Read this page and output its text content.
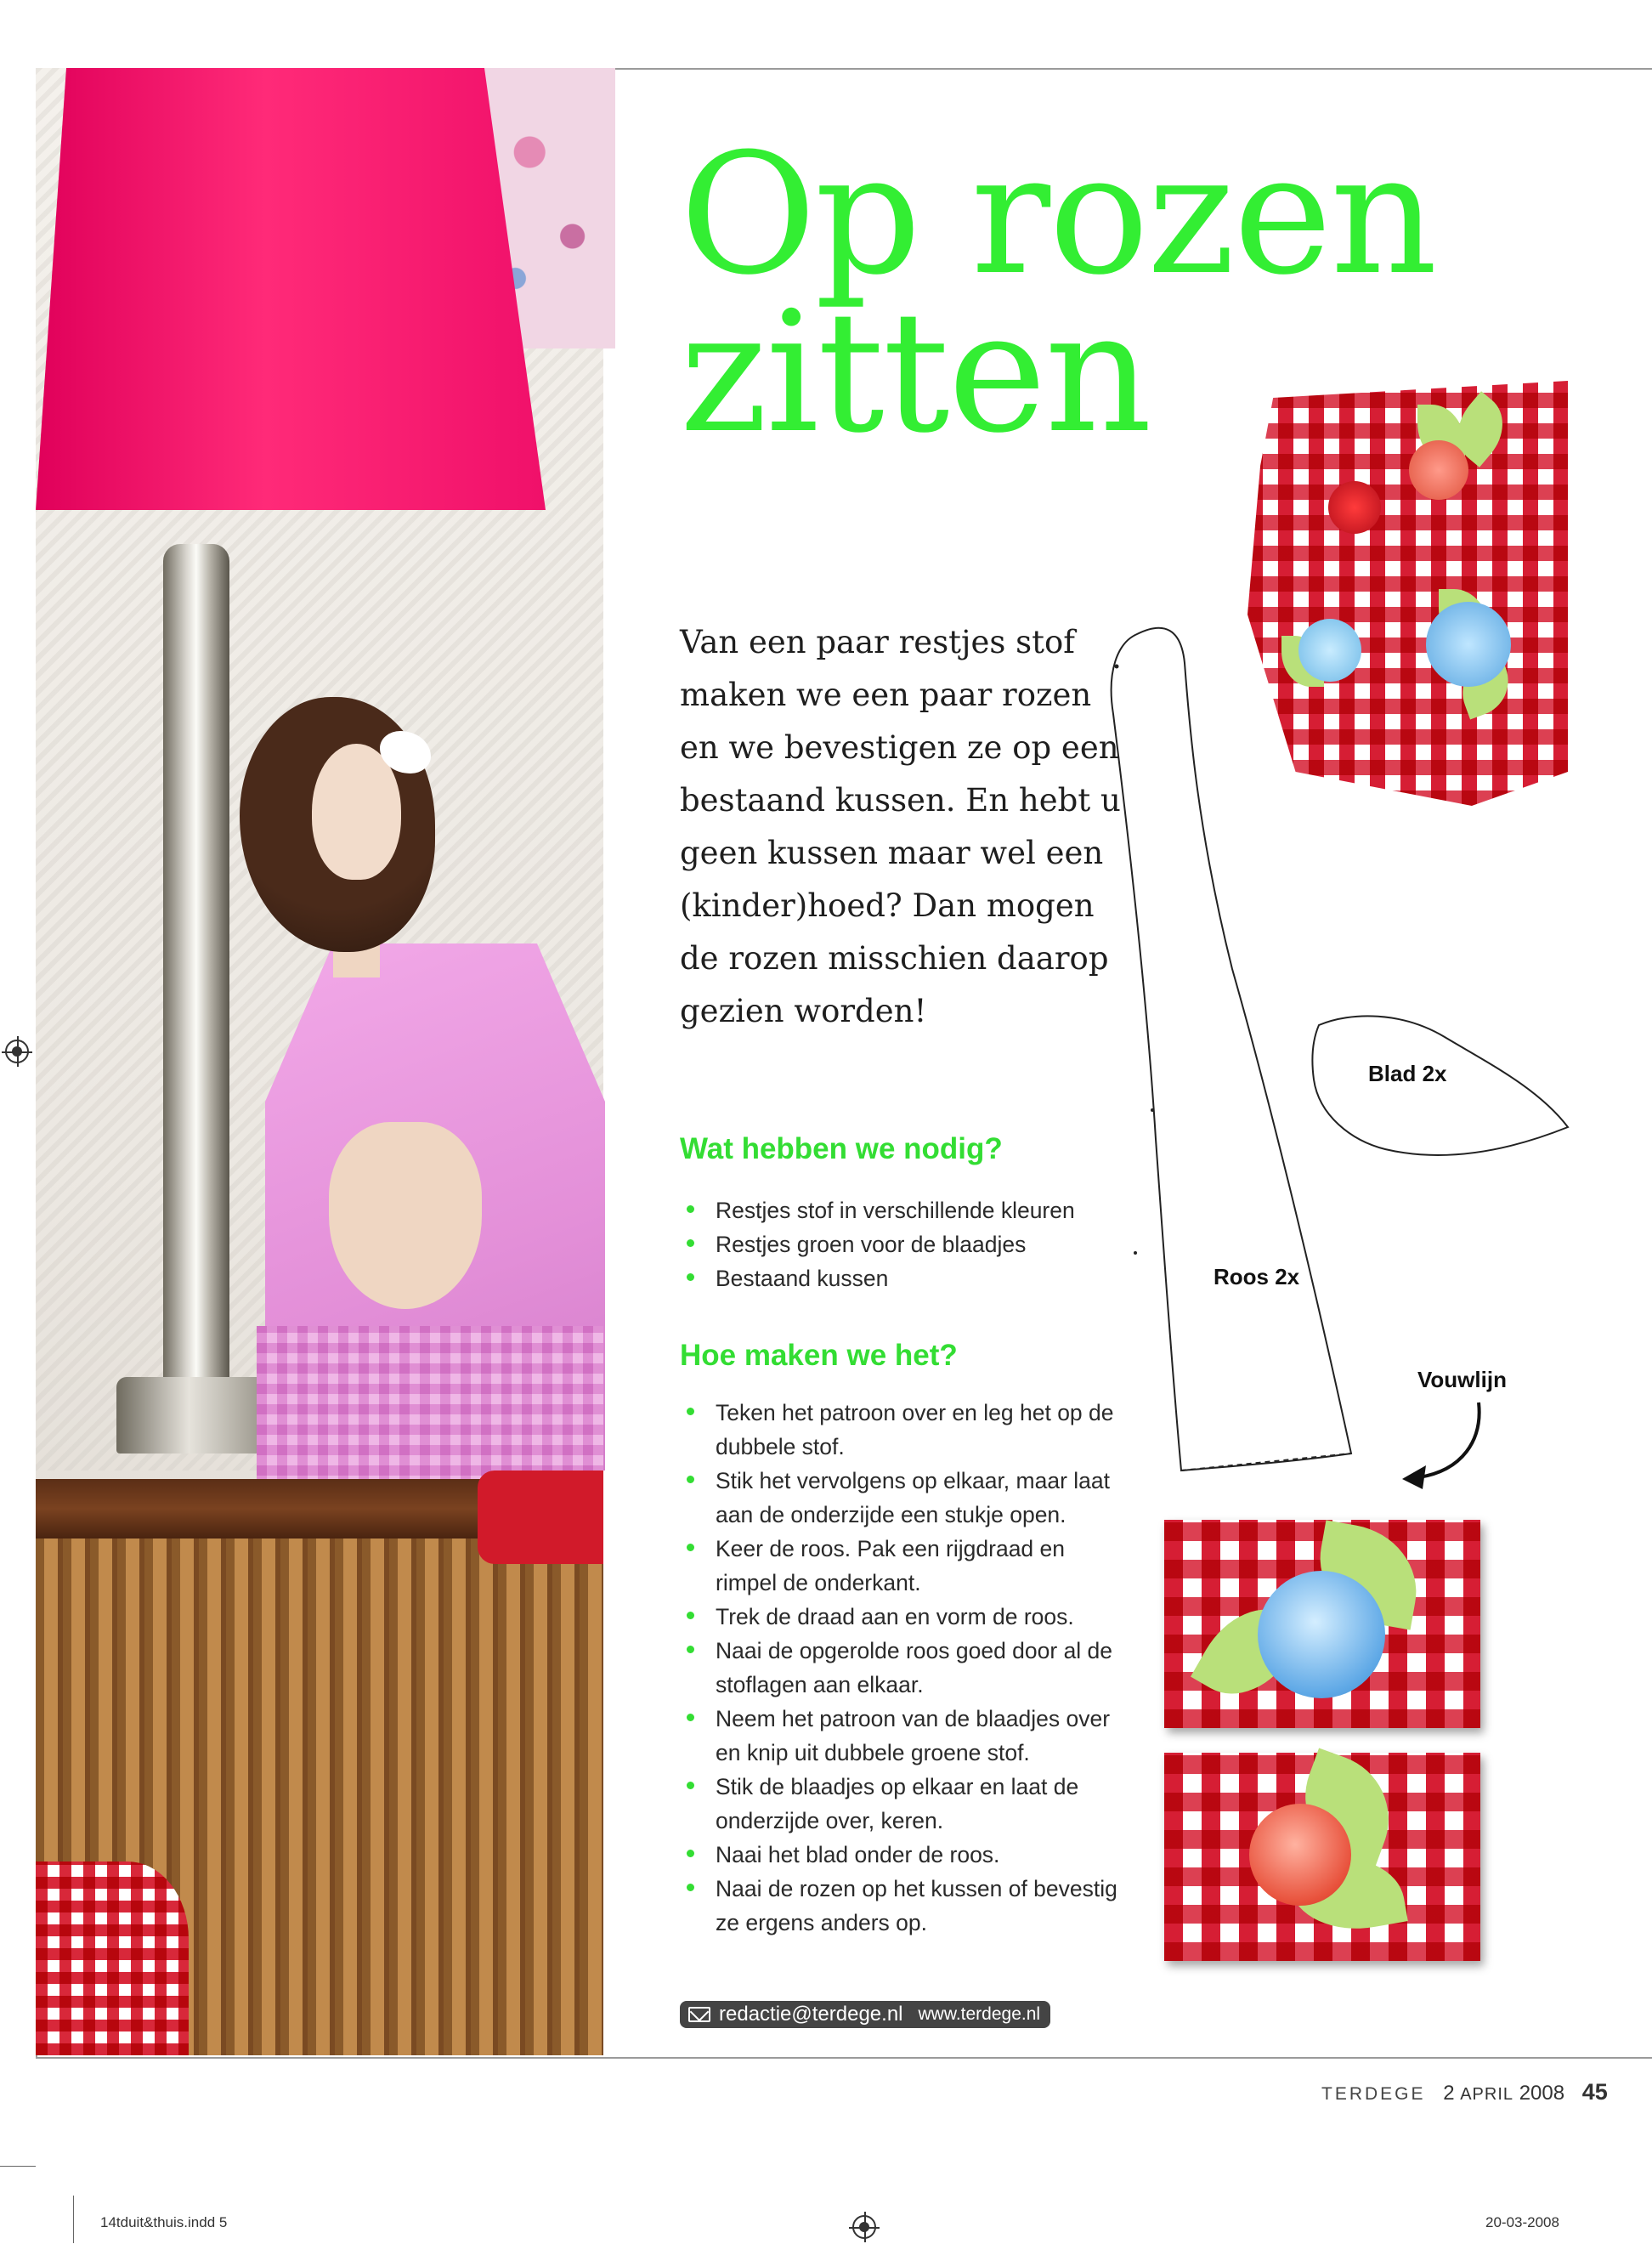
Op rozen
zitten

Van een paar restjes stof maken we een paar rozen en we bevestigen ze op een bestaand kussen. En hebt u geen kussen maar wel een (kinder)hoed? Dan mogen de rozen misschien daarop gezien worden!

Wat hebben we nodig?
Restjes stof in verschillende kleuren
Restjes groen voor de blaadjes
Bestaand kussen
Hoe maken we het?
Teken het patroon over en leg het op de dubbele stof.
Stik het vervolgens op elkaar, maar laat aan de onderzijde een stukje open.
Keer de roos. Pak een rijgdraad en rimpel de onderkant.
Trek de draad aan en vorm de roos.
Naai de opgerolde roos goed door al de stoflagen aan elkaar.
Neem het patroon van de blaadjes over en knip uit dubbele groene stof.
Stik de blaadjes op elkaar en laat de onderzijde over, keren.
Naai het blad onder de roos.
Naai de rozen op het kussen of bevestig ze ergens anders op.
redactie@terdege.nl www.terdege.nl
Blad 2x
Roos 2x
Vouwlijn
TERDEGE 2 APRIL 2008 45
14tduit&thuis.indd 5	20-03-2008
